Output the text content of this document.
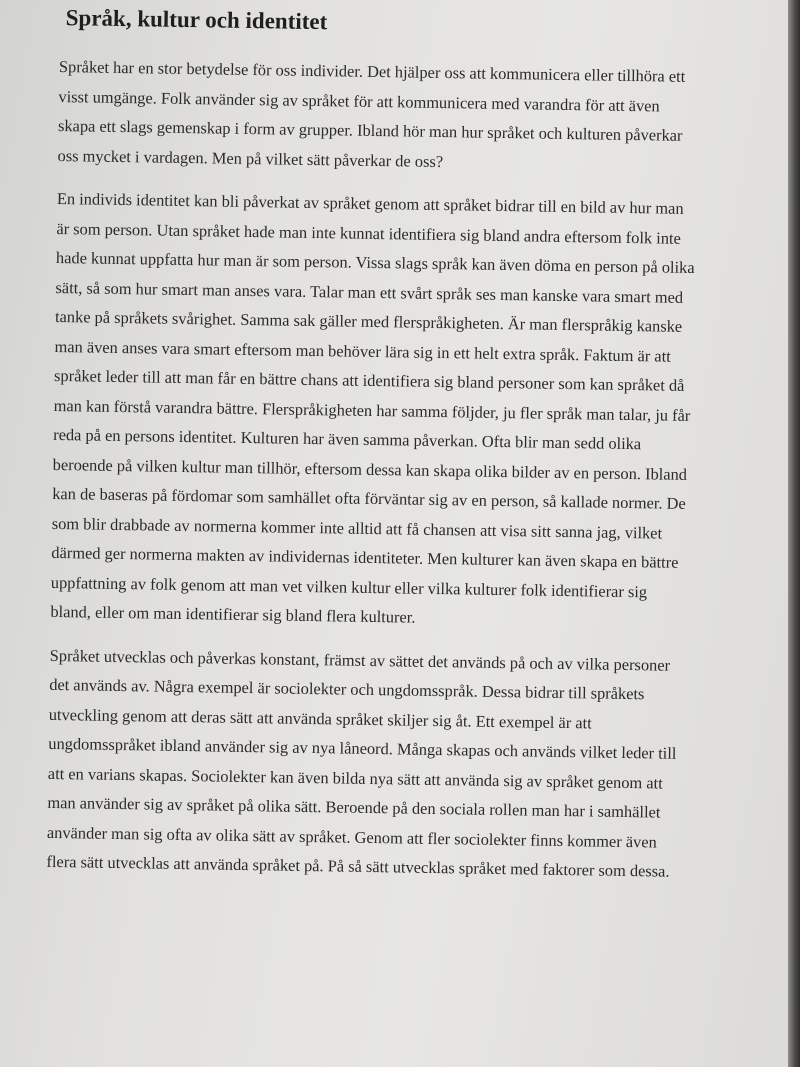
Språk, kultur och identitet

Språket har en stor betydelse för oss individer. Det hjälper oss att kommunicera eller tillhöra ett visst umgänge. Folk använder sig av språket för att kommunicera med varandra för att även skapa ett slags gemenskap i form av grupper. Ibland hör man hur språket och kulturen påverkar oss mycket i vardagen. Men på vilket sätt påverkar de oss?

En individs identitet kan bli påverkat av språket genom att språket bidrar till en bild av hur man är som person. Utan språket hade man inte kunnat identifiera sig bland andra eftersom folk inte hade kunnat uppfatta hur man är som person. Vissa slags språk kan även döma en person på olika sätt, så som hur smart man anses vara. Talar man ett svårt språk ses man kanske vara smart med tanke på språkets svårighet. Samma sak gäller med flerspråkigheten. Är man flerspråkig kanske man även anses vara smart eftersom man behöver lära sig in ett helt extra språk. Faktum är att språket leder till att man får en bättre chans att identifiera sig bland personer som kan språket då man kan förstå varandra bättre. Flerspråkigheten har samma följder, ju fler språk man talar, ju får reda på en persons identitet. Kulturen har även samma påverkan. Ofta blir man sedd olika beroende på vilken kultur man tillhör, eftersom dessa kan skapa olika bilder av en person. Ibland kan de baseras på fördomar som samhället ofta förväntar sig av en person, så kallade normer. De som blir drabbade av normerna kommer inte alltid att få chansen att visa sitt sanna jag, vilket därmed ger normerna makten av individernas identiteter. Men kulturer kan även skapa en bättre uppfattning av folk genom att man vet vilken kultur eller vilka kulturer folk identifierar sig bland, eller om man identifierar sig bland flera kulturer.

Språket utvecklas och påverkas konstant, främst av sättet det används på och av vilka personer det används av. Några exempel är sociolekter och ungdomsspråk. Dessa bidrar till språkets utveckling genom att deras sätt att använda språket skiljer sig åt. Ett exempel är att ungdomsspråket ibland använder sig av nya låneord. Många skapas och används vilket leder till att en varians skapas. Sociolekter kan även bilda nya sätt att använda sig av språket genom att man använder sig av språket på olika sätt. Beroende på den sociala rollen man har i samhället använder man sig ofta av olika sätt av språket. Genom att fler sociolekter finns kommer även flera sätt utvecklas att använda språket på. På så sätt utvecklas språket med faktorer som dessa.
